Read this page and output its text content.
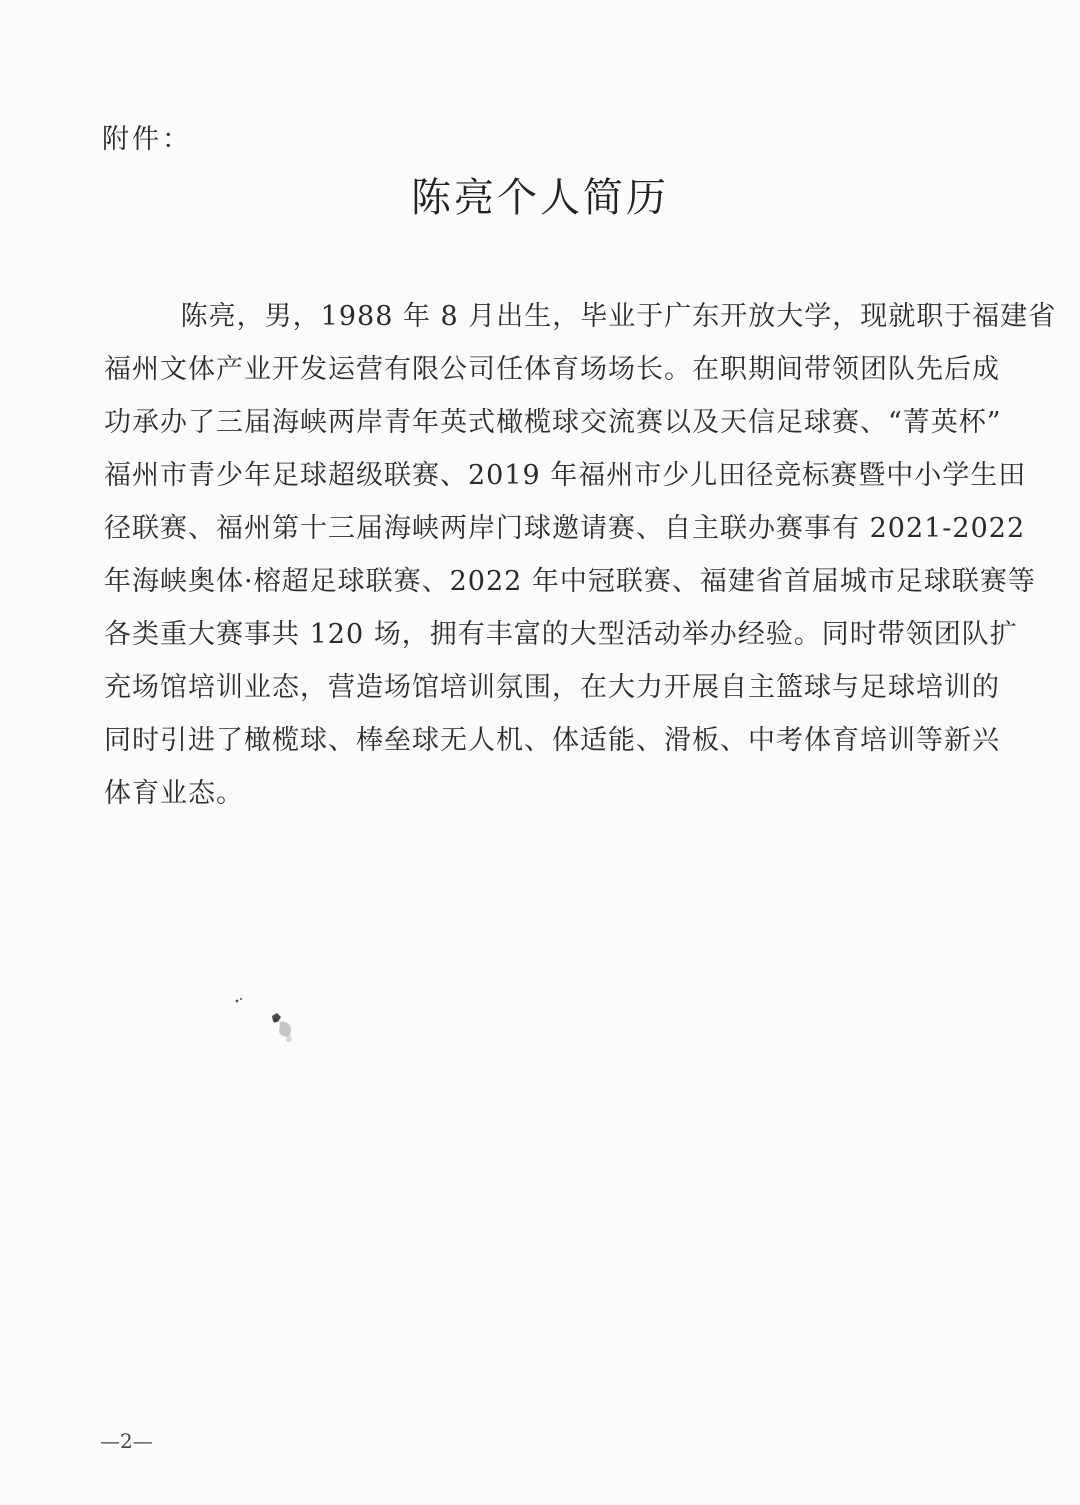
附件：
陈亮个人简历
陈亮，男，1988 年 8 月出生，毕业于广东开放大学，现就职于福建省
福州文体产业开发运营有限公司任体育场场长。在职期间带领团队先后成
功承办了三届海峡两岸青年英式橄榄球交流赛以及天信足球赛、“菁英杯”
福州市青少年足球超级联赛、2019 年福州市少儿田径竞标赛暨中小学生田
径联赛、福州第十三届海峡两岸门球邀请赛、自主联办赛事有 2021-2022
年海峡奥体·榕超足球联赛、2022 年中冠联赛、福建省首届城市足球联赛等
各类重大赛事共 120 场，拥有丰富的大型活动举办经验。同时带领团队扩
充场馆培训业态，营造场馆培训氛围，在大力开展自主篮球与足球培训的
同时引进了橄榄球、棒垒球无人机、体适能、滑板、中考体育培训等新兴
体育业态。
—2—
